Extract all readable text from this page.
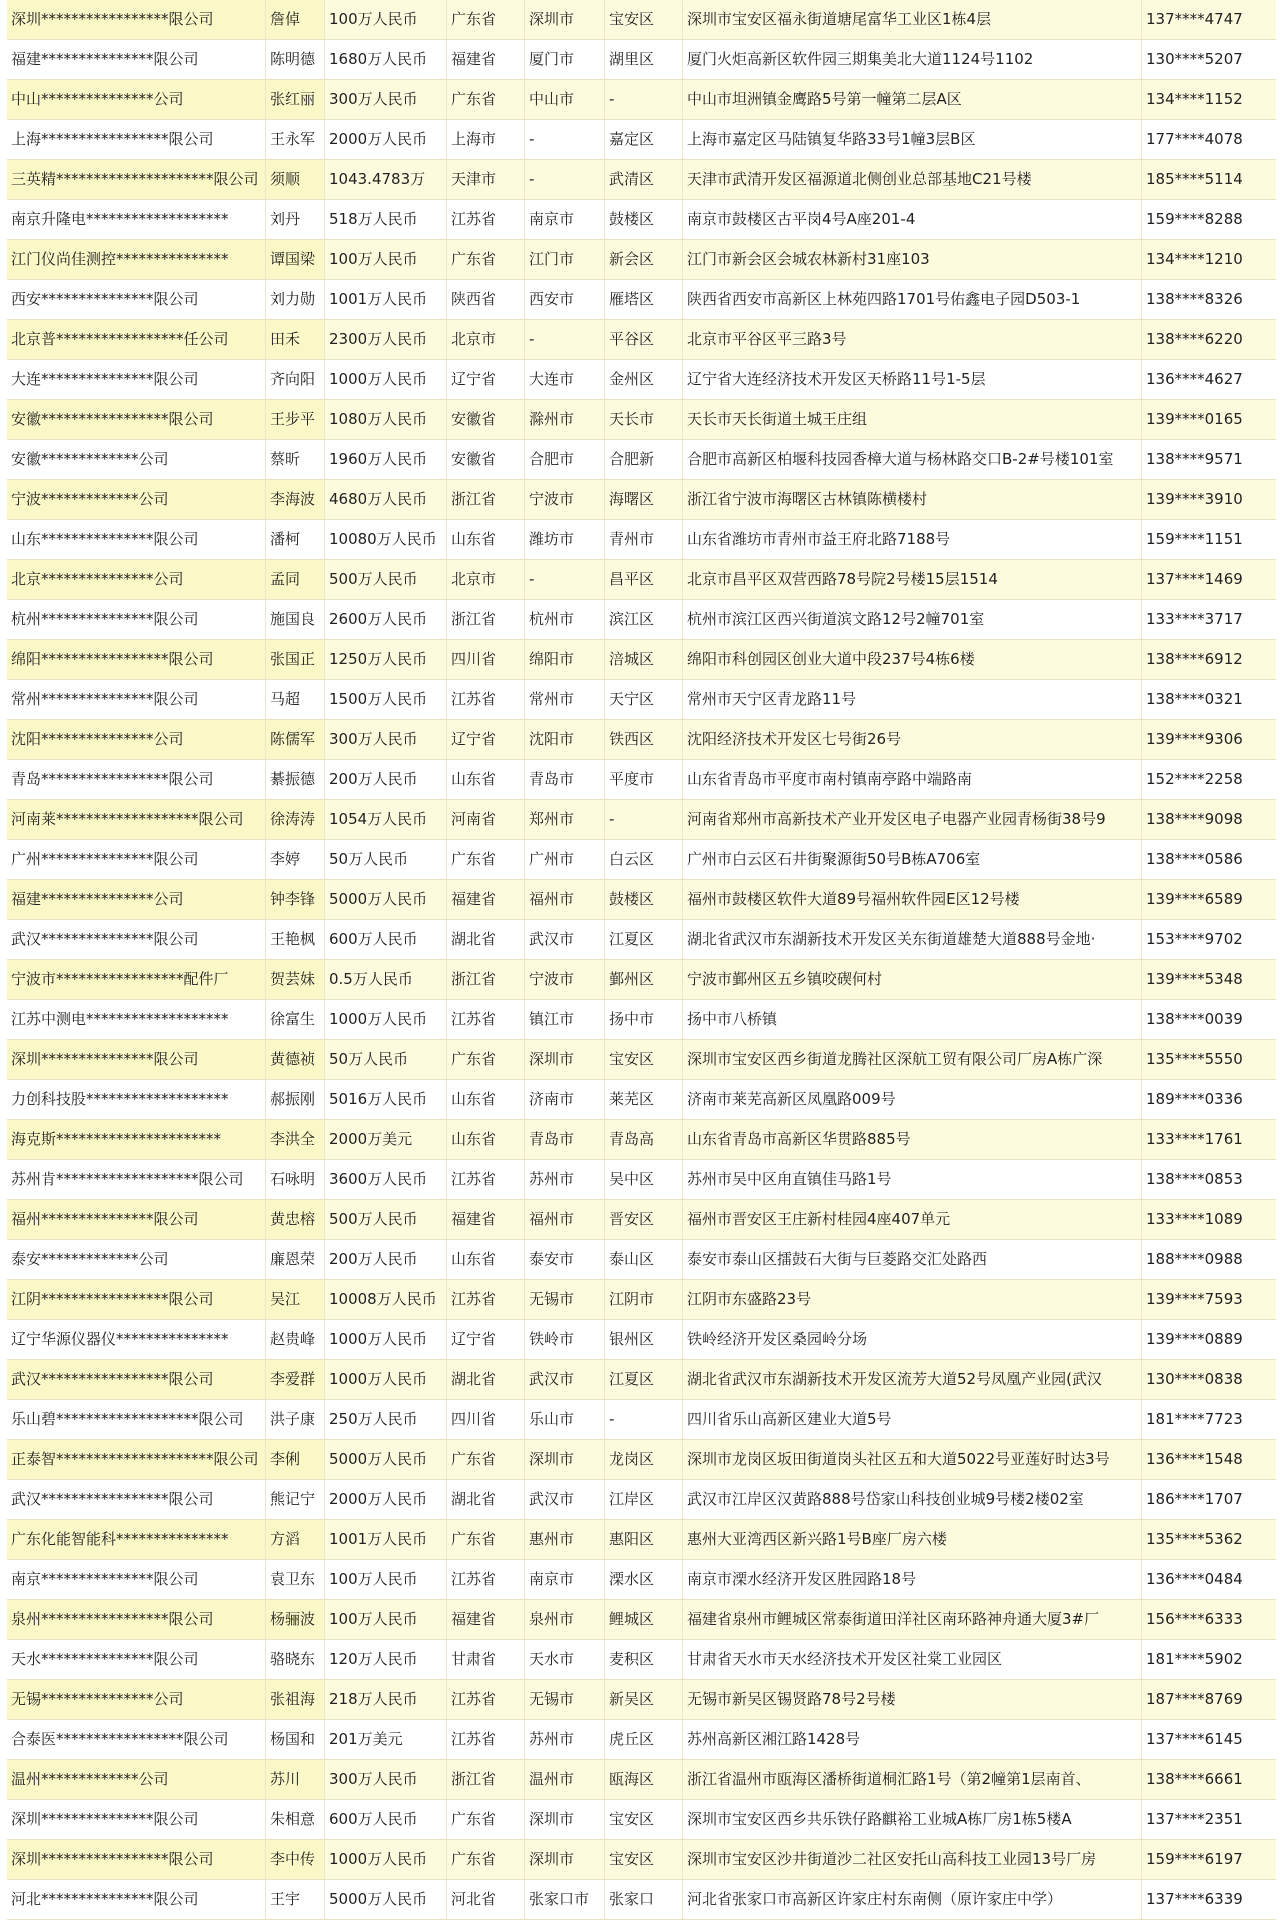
深圳*****************限公司	詹倬	100万人民币	广东省	深圳市	宝安区	深圳市宝安区福永街道塘尾富华工业区1栋4层	137****4747
福建***************限公司	陈明德	1680万人民币	福建省	厦门市	湖里区	厦门火炬高新区软件园三期集美北大道1124号1102	130****5207
中山***************公司	张红丽	300万人民币	广东省	中山市	-	中山市坦洲镇金鹰路5号第一幢第二层A区	134****1152
上海*****************限公司	王永军	2000万人民币	上海市	-	嘉定区	上海市嘉定区马陆镇复华路33号1幢3层B区	177****4078
三英精*********************限公司	须顺	1043.4783万	天津市	-	武清区	天津市武清开发区福源道北侧创业总部基地C21号楼	185****5114
南京升隆电*******************	刘丹	518万人民币	江苏省	南京市	鼓楼区	南京市鼓楼区古平岗4号A座201-4	159****8288
江门仪尚佳测控***************	谭国梁	100万人民币	广东省	江门市	新会区	江门市新会区会城农林新村31座103	134****1210
西安***************限公司	刘力勋	1001万人民币	陕西省	西安市	雁塔区	陕西省西安市高新区上林苑四路1701号佑鑫电子园D503-1	138****8326
北京普*****************任公司	田禾	2300万人民币	北京市	-	平谷区	北京市平谷区平三路3号	138****6220
大连***************限公司	齐向阳	1000万人民币	辽宁省	大连市	金州区	辽宁省大连经济技术开发区天桥路11号1-5层	136****4627
安徽*****************限公司	王步平	1080万人民币	安徽省	滁州市	天长市	天长市天长街道土城王庄组	139****0165
安徽*************公司	蔡昕	1960万人民币	安徽省	合肥市	合肥新	合肥市高新区柏堰科技园香樟大道与杨林路交口B-2#号楼101室	138****9571
宁波*************公司	李海波	4680万人民币	浙江省	宁波市	海曙区	浙江省宁波市海曙区古林镇陈横楼村	139****3910
山东***************限公司	潘柯	10080万人民币	山东省	潍坊市	青州市	山东省潍坊市青州市益王府北路7188号	159****1151
北京***************公司	孟同	500万人民币	北京市	-	昌平区	北京市昌平区双营西路78号院2号楼15层1514	137****1469
杭州***************限公司	施国良	2600万人民币	浙江省	杭州市	滨江区	杭州市滨江区西兴街道滨文路12号2幢701室	133****3717
绵阳*****************限公司	张国正	1250万人民币	四川省	绵阳市	涪城区	绵阳市科创园区创业大道中段237号4栋6楼	138****6912
常州***************限公司	马超	1500万人民币	江苏省	常州市	天宁区	常州市天宁区青龙路11号	138****0321
沈阳***************公司	陈儒军	300万人民币	辽宁省	沈阳市	铁西区	沈阳经济技术开发区七号街26号	139****9306
青岛*****************限公司	綦振德	200万人民币	山东省	青岛市	平度市	山东省青岛市平度市南村镇南亭路中端路南	152****2258
河南莱*******************限公司	徐涛涛	1054万人民币	河南省	郑州市	-	河南省郑州市高新技术产业开发区电子电器产业园青杨街38号9	138****9098
广州***************限公司	李婷	50万人民币	广东省	广州市	白云区	广州市白云区石井街聚源街50号B栋A706室	138****0586
福建***************公司	钟李锋	5000万人民币	福建省	福州市	鼓楼区	福州市鼓楼区软件大道89号福州软件园E区12号楼	139****6589
武汉***************限公司	王艳枫	600万人民币	湖北省	武汉市	江夏区	湖北省武汉市东湖新技术开发区关东街道雄楚大道888号金地·	153****9702
宁波市*****************配件厂	贺芸妹	0.5万人民币	浙江省	宁波市	鄞州区	宁波市鄞州区五乡镇咬碶何村	139****5348
江苏中测电*******************	徐富生	1000万人民币	江苏省	镇江市	扬中市	扬中市八桥镇	138****0039
深圳***************限公司	黄德祯	50万人民币	广东省	深圳市	宝安区	深圳市宝安区西乡街道龙腾社区深航工贸有限公司厂房A栋广深	135****5550
力创科技股*******************	郝振刚	5016万人民币	山东省	济南市	莱芜区	济南市莱芜高新区凤凰路009号	189****0336
海克斯**********************	李洪全	2000万美元	山东省	青岛市	青岛高	山东省青岛市高新区华贯路885号	133****1761
苏州肯*******************限公司	石咏明	3600万人民币	江苏省	苏州市	吴中区	苏州市吴中区甪直镇佳马路1号	138****0853
福州***************限公司	黄忠榕	500万人民币	福建省	福州市	晋安区	福州市晋安区王庄新村桂园4座407单元	133****1089
泰安*************公司	廉恩荣	200万人民币	山东省	泰安市	泰山区	泰安市泰山区擂鼓石大街与巨菱路交汇处路西	188****0988
江阴*****************限公司	吴江	10008万人民币	江苏省	无锡市	江阴市	江阴市东盛路23号	139****7593
辽宁华源仪器仪***************	赵贵峰	1000万人民币	辽宁省	铁岭市	银州区	铁岭经济开发区桑园岭分场	139****0889
武汉*****************限公司	李爱群	1000万人民币	湖北省	武汉市	江夏区	湖北省武汉市东湖新技术开发区流芳大道52号凤凰产业园(武汉	130****0838
乐山碧*******************限公司	洪子康	250万人民币	四川省	乐山市	-	四川省乐山高新区建业大道5号	181****7723
正泰智*********************限公司	李俐	5000万人民币	广东省	深圳市	龙岗区	深圳市龙岗区坂田街道岗头社区五和大道5022号亚莲好时达3号	136****1548
武汉*****************限公司	熊记宁	2000万人民币	湖北省	武汉市	江岸区	武汉市江岸区汉黄路888号岱家山科技创业城9号楼2楼02室	186****1707
广东化能智能科***************	方滔	1001万人民币	广东省	惠州市	惠阳区	惠州大亚湾西区新兴路1号B座厂房六楼	135****5362
南京***************限公司	袁卫东	100万人民币	江苏省	南京市	溧水区	南京市溧水经济开发区胜园路18号	136****0484
泉州*****************限公司	杨骊波	100万人民币	福建省	泉州市	鲤城区	福建省泉州市鲤城区常泰街道田洋社区南环路神舟通大厦3#厂	156****6333
天水***************限公司	骆晓东	120万人民币	甘肃省	天水市	麦积区	甘肃省天水市天水经济技术开发区社棠工业园区	181****5902
无锡***************公司	张祖海	218万人民币	江苏省	无锡市	新吴区	无锡市新吴区锡贤路78号2号楼	187****8769
合泰医*****************限公司	杨国和	201万美元	江苏省	苏州市	虎丘区	苏州高新区湘江路1428号	137****6145
温州*************公司	苏川	300万人民币	浙江省	温州市	瓯海区	浙江省温州市瓯海区潘桥街道桐汇路1号（第2幢第1层南首、	138****6661
深圳***************限公司	朱相意	600万人民币	广东省	深圳市	宝安区	深圳市宝安区西乡共乐铁仔路麒裕工业城A栋厂房1栋5楼A	137****2351
深圳*****************限公司	李中传	1000万人民币	广东省	深圳市	宝安区	深圳市宝安区沙井街道沙二社区安托山高科技工业园13号厂房	159****6197
河北***************限公司	王宇	5000万人民币	河北省	张家口市	张家口	河北省张家口市高新区许家庄村东南侧（原许家庄中学）	137****6339
